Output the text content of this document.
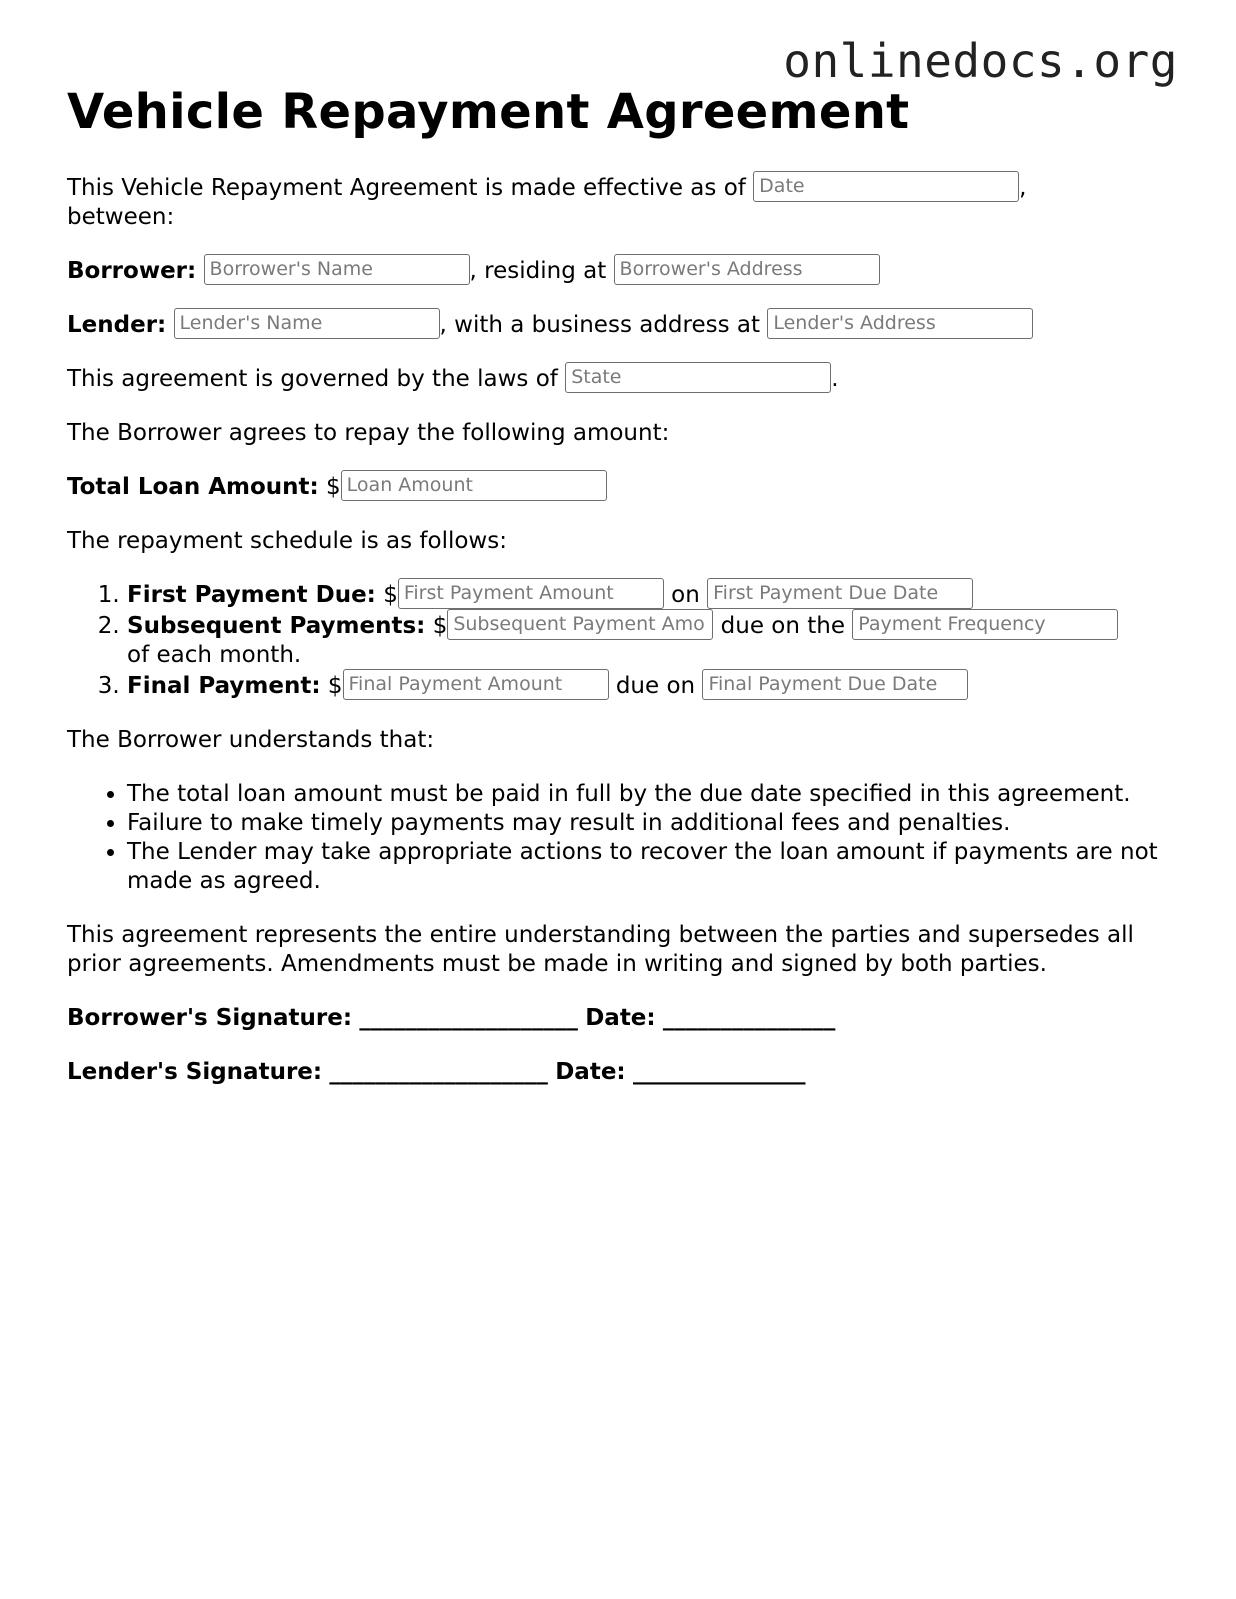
onlinedocs.org
Vehicle Repayment Agreement

This Vehicle Repayment Agreement is made effective as of Date	,
between:

Borrower: Borrower's Name	, residing at Borrower's Address

Lender: Lender's Name	, with a business address at Lender's Address

This agreement is governed by the laws of State	.

The Borrower agrees to repay the following amount:

Total Loan Amount: $ Loan Amount

The repayment schedule is as follows:

1. First Payment Due: $ First Payment Amount on First Payment Due Date
2. Subsequent Payments: $ Subsequent Payment Amo due on the Payment Frequency
of each month.
3. Final Payment: $ Final Payment Amount due on Final Payment Due Date

The Borrower understands that:

• The total loan amount must be paid in full by the due date specified in this agreement.
• Failure to make timely payments may result in additional fees and penalties.
• The Lender may take appropriate actions to recover the loan amount if payments are not made as agreed.

This agreement represents the entire understanding between the parties and supersedes all prior agreements. Amendments must be made in writing and signed by both parties.

Borrower's Signature: ___________________ Date: _______________
Lender's Signature: ___________________ Date: _______________
